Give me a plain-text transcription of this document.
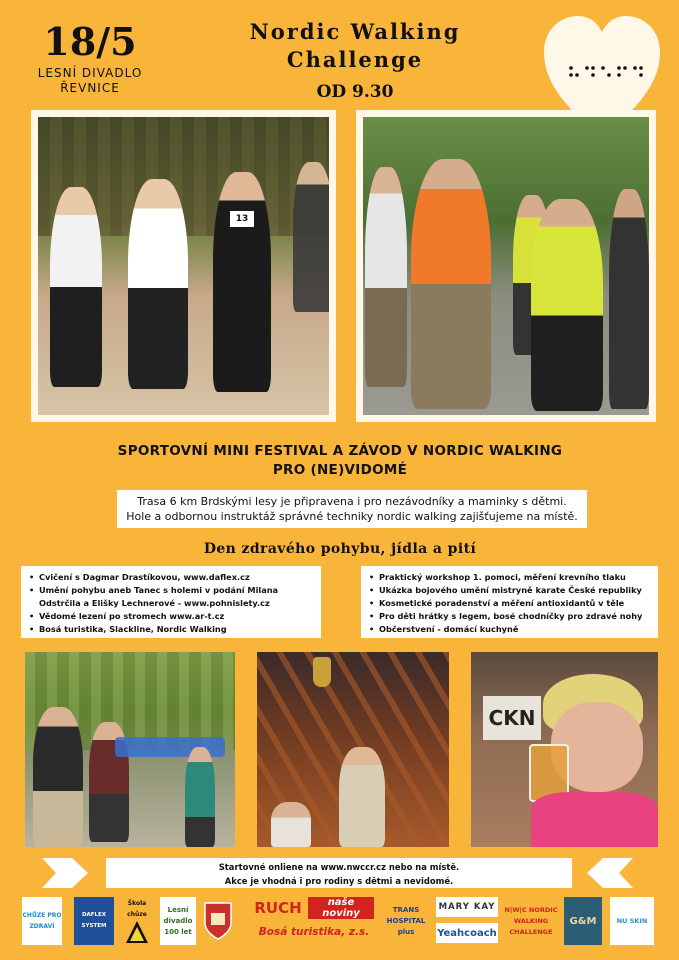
18/5
LESNÍ DIVADLO
ŘEVNICE
Nordic Walking
Challenge
OD 9.30
13
SPORTOVNÍ MINI FESTIVAL A ZÁVOD V NORDIC WALKING
PRO (NE)VIDOMÉ
Trasa 6 km Brdskými lesy je připravena i pro nezávodníky a maminky s dětmi.
Hole a odbornou instruktáž správné techniky nordic walking zajišťujeme na místě.
Den zdravého pohybu, jídla a pití
• Cvičení s Dagmar Drastíkovou, www.daflex.cz
• Umění pohybu aneb Tanec s holemi v podání Milana Odstrčila a Elišky Lechnerové - www.pohnislety.cz
• Vědomé lezení po stromech www.ar-t.cz
• Bosá turistika, Slackline, Nordic Walking
• Praktický workshop 1. pomoci, měření krevního tlaku
• Ukázka bojového umění mistryně karate České republiky
• Kosmetické poradenství a měření antioxidantů v těle
• Pro děti hrátky s legem, bosé chodníčky pro zdravé nohy
• Občerstvení - domácí kuchyně
CKN
Startovné onliene na www.nwccr.cz nebo na místě.
Akce je vhodná i pro rodiny s dětmi a nevidomé.
CHŮZE PRO ZDRAVÍ
DAFLEX SYSTEM
Škola chůze
Lesní divadlo 100 let
RUCH	naše noviny
Bosá turistika, z.s.
TRANS HOSPITAL plus
MARY KAY
Yeahcoach
N|W|C NORDIC WALKING CHALLENGE
G&M	NU SKIN
